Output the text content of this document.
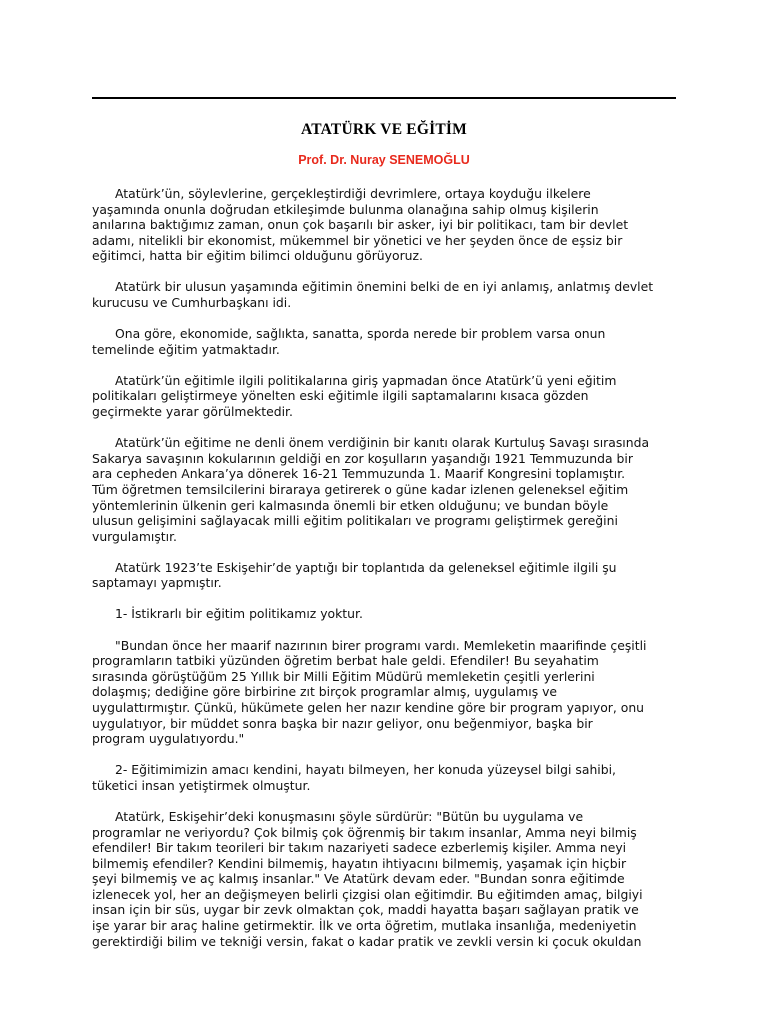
ATATÜRK VE EĞİTİM
Prof. Dr. Nuray SENEMOĞLU

Atatürk’ün, söylevlerine, gerçekleştirdiği devrimlere, ortaya koyduğu ilkelere
yaşamında onunla doğrudan etkileşimde bulunma olanağına sahip olmuş kişilerin
anılarına baktığımız zaman, onun çok başarılı bir asker, iyi bir politikacı, tam bir devlet
adamı, nitelikli bir ekonomist, mükemmel bir yönetici ve her şeyden önce de eşsiz bir
eğitimci, hatta bir eğitim bilimci olduğunu görüyoruz.

Atatürk bir ulusun yaşamında eğitimin önemini belki de en iyi anlamış, anlatmış devlet
kurucusu ve Cumhurbaşkanı idi.

Ona göre, ekonomide, sağlıkta, sanatta, sporda nerede bir problem varsa onun
temelinde eğitim yatmaktadır.

Atatürk’ün eğitimle ilgili politikalarına giriş yapmadan önce Atatürk’ü yeni eğitim
politikaları geliştirmeye yönelten eski eğitimle ilgili saptamalarını kısaca gözden
geçirmekte yarar görülmektedir.

Atatürk’ün eğitime ne denli önem verdiğinin bir kanıtı olarak Kurtuluş Savaşı sırasında
Sakarya savaşının kokularının geldiği en zor koşulların yaşandığı 1921 Temmuzunda bir
ara cepheden Ankara’ya dönerek 16-21 Temmuzunda 1. Maarif Kongresini toplamıştır.
Tüm öğretmen temsilcilerini biraraya getirerek o güne kadar izlenen geleneksel eğitim
yöntemlerinin ülkenin geri kalmasında önemli bir etken olduğunu; ve bundan böyle
ulusun gelişimini sağlayacak milli eğitim politikaları ve programı geliştirmek gereğini
vurgulamıştır.

Atatürk 1923’te Eskişehir’de yaptığı bir toplantıda da geleneksel eğitimle ilgili şu
saptamayı yapmıştır.

1- İstikrarlı bir eğitim politikamız yoktur.

"Bundan önce her maarif nazırının birer programı vardı. Memleketin maarifinde çeşitli
programların tatbiki yüzünden öğretim berbat hale geldi. Efendiler! Bu seyahatim
sırasında görüştüğüm 25 Yıllık bir Milli Eğitim Müdürü memleketin çeşitli yerlerini
dolaşmış; dediğine göre birbirine zıt birçok programlar almış, uygulamış ve
uygulattırmıştır. Çünkü, hükümete gelen her nazır kendine göre bir program yapıyor, onu
uygulatıyor, bir müddet sonra başka bir nazır geliyor, onu beğenmiyor, başka bir
program uygulatıyordu."

2- Eğitimimizin amacı kendini, hayatı bilmeyen, her konuda yüzeysel bilgi sahibi,
tüketici insan yetiştirmek olmuştur.

Atatürk, Eskişehir’deki konuşmasını şöyle sürdürür: "Bütün bu uygulama ve
programlar ne veriyordu? Çok bilmiş çok öğrenmiş bir takım insanlar, Amma neyi bilmiş
efendiler! Bir takım teorileri bir takım nazariyeti sadece ezberlemiş kişiler. Amma neyi
bilmemiş efendiler? Kendini bilmemiş, hayatın ihtiyacını bilmemiş, yaşamak için hiçbir
şeyi bilmemiş ve aç kalmış insanlar." Ve Atatürk devam eder. "Bundan sonra eğitimde
izlenecek yol, her an değişmeyen belirli çizgisi olan eğitimdir. Bu eğitimden amaç, bilgiyi
insan için bir süs, uygar bir zevk olmaktan çok, maddi hayatta başarı sağlayan pratik ve
işe yarar bir araç haline getirmektir. İlk ve orta öğretim, mutlaka insanlığa, medeniyetin
gerektirdiği bilim ve tekniği versin, fakat o kadar pratik ve zevkli versin ki çocuk okuldan
